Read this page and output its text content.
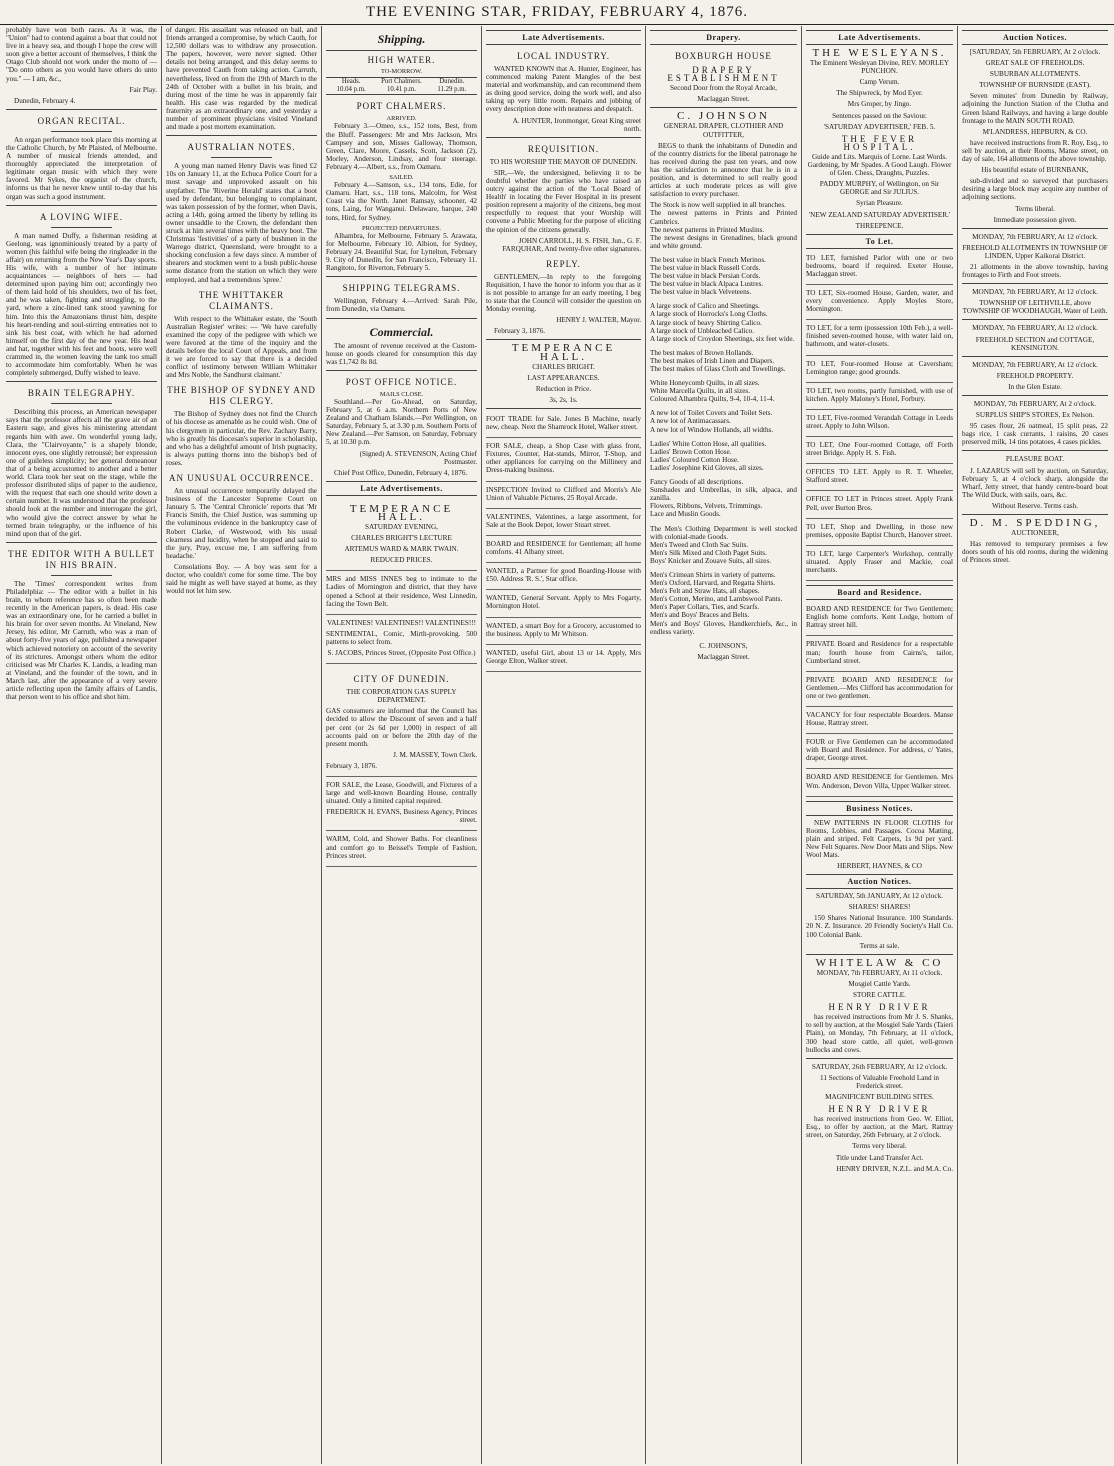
THE EVENING STAR, FRIDAY, FEBRUARY 4, 1876.

probably have won both races. As it was, the "Union" had to contend against a boat that could not live in a heavy sea, and though I hope the crew will soon give a better account of themselves, I think the Otago Club should not work under the motto of — "Do onto others as you would have others do unto you." — I am, &c.,

Fair Play.

Dunedin, February 4.

ORGAN RECITAL.

An organ performance took place this morning at the Catholic Church, by Mr Plaisted, of Melbourne. A number of musical friends attended, and thoroughly appreciated the interpretation of legitimate organ music with which they were favored. Mr Sykes, the organist of the church, informs us that he never knew until to-day that his organ was such a good instrument.

A LOVING WIFE.

A man named Duffy, a fisherman residing at Geelong, was ignominiously treated by a party of women (his faithful wife being the ringleader in the affair) on returning from the New Year's Day sports. His wife, with a number of her intimate acquaintances — neighbors of hers — had determined upon paying him out; accordingly two of them laid hold of his shoulders, two of his feet, and he was taken, fighting and struggling, to the yard, where a zinc-lined tank stood yawning for him. Into this the Amazonians thrust him, despite his heart-rending and soul-stirring entreaties not to sink his best coat, with which he had adorned himself on the first day of the new year. His head and hat, together with his feet and boots, were well crammed in, the women leaving the tank too small to accommodate him comfortably. When he was completely submerged, Duffy wished to leave.

BRAIN TELEGRAPHY.

Describing this process, an American newspaper says that the professor affects all the grave air of an Eastern sage, and gives his ministering attendant regards him with awe. On wonderful young lady, Clara, the "Clairvoyante," is a shapely blonde, innocent eyes, one slightly retroussé; her expression one of guileless simplicity; her general demeanour that of a being accustomed to another and a better world. Clara took her seat on the stage, while the professor distributed slips of paper to the audience, with the request that each one should write down a certain number. It was understood that the professor should look at the number and interrogate the girl, who would give the correct answer by what he termed brain telegraphy, or the influence of his mind upon that of the girl.

THE EDITOR WITH A BULLET IN HIS BRAIN.

The 'Times' correspondent writes from Philadelphia: — The editor with a bullet in his brain, to whom reference has so often been made recently in the American papers, is dead. His case was an extraordinary one, for he carried a bullet in his brain for over seven months. At Vineland, New Jersey, his editor, Mr Carruth, who was a man of about forty-five years of age, published a newspaper which achieved notoriety on account of the severity of its strictures. Amongst others whom the editor criticised was Mr Charles K. Landis, a leading man at Vineland, and the founder of the town, and in March last, after the appearance of a very severe article reflecting upon the family affairs of Landis, that person went to his office and shot him.

of danger. His assailant was released on bail, and friends arranged a compromise, by which Cauth, for 12,500 dollars was to withdraw any prosecution. The papers, however, were never signed. Other details not being arranged, and this delay seems to have prevented Cauth from taking action. Carruth, nevertheless, lived on from the 19th of March to the 24th of October with a bullet in his brain, and during most of the time he was in apparently fair health. His case was regarded by the medical fraternity as an extraordinary one, and yesterday a number of prominent physicians visited Vineland and made a post mortem examination.

AUSTRALIAN NOTES.

A young man named Henry Davis was fined £2 10s on January 11, at the Echuca Police Court for a most savage and unprovoked assault on his stepfather. The 'Riverine Herald' states that a boot used by defendant, but belonging to complainant, was taken possession of by the former, when Davis, acting a 14th, going armed the liberty by telling its owner unsaddle to the Crown, the defendant then struck at him several times with the heavy boot. The Christmas 'festivities' of a party of bushmen in the Warrego district, Queensland, were brought to a shocking conclusion a few days since. A number of shearers and stockmen went to a bush public-house some distance from the station on which they were employed, and had a tremendous 'spree.'

THE WHITTAKER CLAIMANTS.

With respect to the Whittaker estate, the 'South Australian Register' writes: — 'We have carefully examined the copy of the pedigree with which we were favored at the time of the inquiry and the details before the local Court of Appeals, and from it we are forced to say that there is a decided conflict of testimony between William Whittaker and Mrs Noble, the Sandhurst claimant.'

THE BISHOP OF SYDNEY AND HIS CLERGY.

The Bishop of Sydney does not find the Church of his diocese as amenable as he could wish. One of his clergymen in particular, the Rev. Zachary Barry, who is greatly his diocesan's superior in scholarship, and who has a delightful amount of Irish pugnacity, is always putting thorns into the bishop's bed of roses.

AN UNUSUAL OCCURRENCE.

An unusual occurrence temporarily delayed the business of the Lancester Supreme Court on January 5. The 'Central Chronicle' reports that 'Mr Francis Smith, the Chief Justice, was summing up the voluminous evidence in the bankruptcy case of Robert Clarke, of Westwood, with his usual clearness and lucidity, when he stopped and said to the jury, Pray, excuse me, I am suffering from headache.'

Consolations Boy. — A boy was sent for a doctor, who couldn't come for some time. The boy said he might as well have stayed at home, as they would not let him sew.

Shipping.
HIGH WATER.
TO-MORROW.
Heads.	Port Chalmers.	Dunedin.
10.04 p.m.	10.41 p.m.	11.29 p.m.
PORT CHALMERS.
ARRIVED.

February 3.—Omeo, s.s., 152 tons, Best, from the Bluff. Passengers: Mr and Mrs Jackson, Mrs Campsey and son, Misses Galloway, Thomson, Green, Clare, Moore, Cassels, Scott, Jackson (2), Morley, Anderson, Lindsay, and four steerage. February 4.—Albert, s.s., from Oamaru.

SAILED.

February 4.—Samson, s.s., 134 tons, Edie, for Oamaru. Hart, s.s., 118 tons, Malcolm, for West Coast via the North. Janet Ramsay, schooner, 42 tons, Laing, for Wanganui. Delaware, barque, 240 tons, Hird, for Sydney.

PROJECTED DEPARTURES.

Alhambra, for Melbourne, February 5. Arawata, for Melbourne, February 10. Albion, for Sydney, February 24. Beautiful Star, for Lyttelton, February 9. City of Dunedin, for San Francisco, February 11. Rangitoto, for Riverton, February 5.

SHIPPING TELEGRAMS.

Wellington, February 4.—Arrived: Sarah Pile, from Dunedin, via Oamaru.

Commercial.

The amount of revenue received at the Custom-house on goods cleared for consumption this day was £1,742 8s 8d.

POST OFFICE NOTICE.
MAILS CLOSE.

Southland.—Per Go-Ahead, on Saturday, February 5, at 6 a.m. Northern Ports of New Zealand and Chatham Islands.—Per Wellington, on Saturday, February 5, at 3.30 p.m. Southern Ports of New Zealand.—Per Samson, on Saturday, February 5, at 10.30 p.m.

(Signed) A. STEVENSON, Acting Chief Postmaster.

Chief Post Office, Dunedin, February 4, 1876.

Late Advertisements.
TEMPERANCE HALL.

SATURDAY EVENING,

CHARLES BRIGHT'S LECTURE

ARTEMUS WARD & MARK TWAIN.

REDUCED PRICES.

MRS and MISS INNES beg to intimate to the Ladies of Mornington and district, that they have opened a School at their residence, West Linnedin, facing the Town Belt.

VALENTINES! VALENTINES!! VALENTINES!!!

SENTIMENTAL, Comic, Mirth-provoking. 500 patterns to select from.

S. JACOBS, Princes Street, (Opposite Post Office.)

CITY OF DUNEDIN.

THE CORPORATION GAS SUPPLY DEPARTMENT.

GAS consumers are informed that the Council has decided to allow the Discount of seven and a half per cent (or 2s 6d per 1,000) in respect of all accounts paid on or before the 20th day of the present month.

J. M. MASSEY, Town Clerk.

February 3, 1876.

FOR SALE, the Lease, Goodwill, and Fixtures of a large and well-known Boarding House, centrally situated. Only a limited capital required.

FREDERICK H. EVANS, Business Agency, Princes street.

WARM, Cold, and Shower Baths. For cleanliness and comfort go to Beissel's Temple of Fashion, Princes street.

Late Advertisements.
LOCAL INDUSTRY.

WANTED KNOWN that A. Hunter, Engineer, has commenced making Patent Mangles of the best material and workmanship, and can recommend them as doing good service, doing the work well, and also taking up very little room. Repairs and jobbing of every description done with neatness and despatch.

A. HUNTER, Ironmonger, Great King street north.

REQUISITION.

TO HIS WORSHIP THE MAYOR OF DUNEDIN.

SIR,—We, the undersigned, believing it to be doubtful whether the parties who have raised an outcry against the action of the 'Local Board of Health' in locating the Fever Hospital in its present position represent a majority of the citizens, beg most respectfully to request that your Worship will convene a Public Meeting for the purpose of eliciting the opinion of the citizens generally.

JOHN CARROLL, H. S. FISH, Jun., G. F. FARQUHAR, And twenty-five other signatures.

REPLY.

GENTLEMEN,—In reply to the foregoing Requisition, I have the honor to inform you that as it is not possible to arrange for an early meeting, I beg to state that the Council will consider the question on Monday evening.

HENRY J. WALTER, Mayor.

February 3, 1876.

TEMPERANCE HALL.

CHARLES BRIGHT.

LAST APPEARANCES.

Reduction in Price.

3s, 2s, 1s.

FOOT TRADE for Sale. Jones B Machine, nearly new, cheap. Next the Shamrock Hotel, Walker street.

FOR SALE, cheap, a Shop Case with glass front, Fixtures, Counter, Hat-stands, Mirror, T-Shop, and other appliances for carrying on the Millinery and Dress-making business.

INSPECTION Invited to Clifford and Morris's Ale Union of Valuable Pictures, 25 Royal Arcade.

VALENTINES, Valentines, a large assortment, for Sale at the Book Depot, lower Stuart street.

BOARD and RESIDENCE for Gentleman; all home comforts. 41 Albany street.

WANTED, a Partner for good Boarding-House with £50. Address 'R. S.', Star office.

WANTED, General Servant. Apply to Mrs Fogarty, Mornington Hotel.

WANTED, a smart Boy for a Grocery, accustomed to the business. Apply to Mr Whitson.

WANTED, useful Girl, about 13 or 14. Apply, Mrs George Elton, Walker street.

Drapery.
BOXBURGH HOUSE
DRAPERY ESTABLISHMENT

Second Door from the Royal Arcade,

Maclaggan Street.

C. JOHNSON

GENERAL DRAPER, CLOTHIER AND OUTFITTER,

BEGS to thank the inhabitants of Dunedin and of the country districts for the liberal patronage he has received during the past ten years, and now has the satisfaction to announce that he is in a position, and is determined to sell really good articles at such moderate prices as will give satisfaction to every purchaser.

The Stock is now well supplied in all branches.

The newest patterns in Prints and Printed Cambrics.

The newest patterns in Printed Muslins.

The newest designs in Grenadines, black ground and white ground.

The best value in black French Merinos.

The best value in black Russell Cords.

The best value in black Persian Cords.

The best value in black Alpaca Lustres.

The best value in black Velveteens.

A large stock of Calico and Sheetings.

A large stock of Horrocks's Long Cloths.

A large stock of heavy Shirting Calico.

A large stock of Unbleached Calico.

A large stock of Croydon Sheetings, six feet wide.

The best makes of Brown Hollands.

The best makes of Irish Linen and Diapers.

The best makes of Glass Cloth and Towellings.

White Honeycomb Quilts, in all sizes.

White Marcella Quilts, in all sizes.

Coloured Alhambra Quilts, 9-4, 10-4, 11-4.

A new lot of Toilet Covers and Toilet Sets.

A new lot of Antimacassars.

A new lot of Window Hollands, all widths.

Ladies' White Cotton Hose, all qualities.

Ladies' Brown Cotton Hose.

Ladies' Coloured Cotton Hose.

Ladies' Josephine Kid Gloves, all sizes.

Fancy Goods of all descriptions.

Sunshades and Umbrellas, in silk, alpaca, and zanilla.

Flowers, Ribbons, Velvets, Trimmings.

Lace and Muslin Goods.

The Men's Clothing Department is well stocked with colonial-made Goods.

Men's Tweed and Cloth Sac Suits.

Men's Silk Mixed and Cloth Paget Suits.

Boys' Knicker and Zouave Suits, all sizes.

Men's Crimean Shirts in variety of patterns.

Men's Oxford, Harvard, and Regatta Shirts.

Men's Felt and Straw Hats, all shapes.

Men's Cotton, Merino, and Lambswool Pants.

Men's Paper Collars, Ties, and Scarfs.

Men's and Boys' Braces and Belts.

Men's and Boys' Gloves, Handkerchiefs, &c., in endless variety.

C. JOHNSON'S,

Maclaggan Street.

Late Advertisements.
THE WESLEYANS.

The Eminent Wesleyan Divine, REV. MORLEY PUNCHON.

Camp Verum.

The Shipwreck, by Mod Eyer.

Mrs Groper, by Jingo.

Sentences passed on the Saviour.

'SATURDAY ADVERTISER,' FEB. 5.

THE FEVER HOSPITAL.

Guide and Lits. Marquis of Lorne. Last Words. Gardening, by Mr Spades. A Good Laugh. Flower of Glen. Chess, Draughts, Puzzles.

PADDY MURPHY, of Wellington, on Sir GEORGE and Sir JULIUS.

Syrian Pleasure.

'NEW ZEALAND SATURDAY ADVERTISER.'

THREEPENCE.

To Let.

TO LET, furnished Parlor with one or two bedrooms, board if required. Exeter House, Maclaggan street.

TO LET, Six-roomed House, Garden, water, and every convenience. Apply Moyles Store, Mornington.

TO LET, for a term (possession 10th Feb.), a well-finished seven-roomed house, with water laid on, bathroom, and water-closets.

TO LET, Four-roomed House at Caversham; Lemington range; good grounds.

TO LET, two rooms, partly furnished, with use of kitchen. Apply Maloney's Hotel, Forbury.

TO LET, Five-roomed Verandah Cottage in Leeds street. Apply to John Wilson.

TO LET, One Four-roomed Cottage, off Forth street Bridge. Apply H. S. Fish.

OFFICES TO LET. Apply to R. T. Wheeler, Stafford street.

OFFICE TO LET in Princes street. Apply Frank Pell, over Burton Bros.

TO LET, Shop and Dwelling, in those new premises, opposite Baptist Church, Hanover street.

TO LET, large Carpenter's Workshop, centrally situated. Apply Fraser and Mackie, coal merchants.

Board and Residence.

BOARD AND RESIDENCE for Two Gentlemen; English home comforts. Kent Lodge, bottom of Rattray street hill.

PRIVATE Board and Residence for a respectable man; fourth house from Cairns's, tailor, Cumberland street.

PRIVATE BOARD AND RESIDENCE for Gentlemen.—Mrs Clifford has accommodation for one or two gentlemen.

VACANCY for four respectable Boarders. Manse House, Rattray street.

FOUR or Five Gentlemen can be accommodated with Board and Residence. For address, c/ Yates, draper, George street.

BOARD AND RESIDENCE for Gentlemen. Mrs Wm. Anderson, Devon Villa, Upper Walker street.

Business Notices.

NEW PATTERNS IN FLOOR CLOTHS for Rooms, Lobbies, and Passages. Cocoa Matting, plain and striped. Felt Carpets, 1s 9d per yard. New Felt Squares. New Door Mats and Slips. New Wool Mats.

HERBERT, HAYNES, & CO

Auction Notices.

SATURDAY, 5th JANUARY, At 12 o'clock.

SHARES! SHARES!

150 Shares National Insurance. 100 Standards. 20 N. Z. Insurance. 20 Friendly Society's Hall Co. 100 Colonial Bank.

Terms at sale.

WHITELAW & CO

MONDAY, 7th FEBRUARY, At 11 o'clock.

Mosgiel Cattle Yards.

STORE CATTLE.

HENRY DRIVER

has received instructions from Mr J. S. Shanks, to sell by auction, at the Mosgiel Sale Yards (Taieri Plain), on Monday, 7th February, at 11 o'clock, 300 head store cattle, all quiet, well-grown bullocks and cows.

SATURDAY, 26th FEBRUARY, At 12 o'clock.

11 Sections of Valuable Freehold Land in Frederick street.

MAGNIFICENT BUILDING SITES.

HENRY DRIVER

has received instructions from Geo. W. Elliot, Esq., to offer by auction, at the Mart, Rattray street, on Saturday, 26th February, at 2 o'clock.

Terms very liberal.

Title under Land Transfer Act.

HENRY DRIVER, N.Z.L. and M.A. Co.

Auction Notices.

[SATURDAY, 5th FEBRUARY, At 2 o'clock.

GREAT SALE OF FREEHOLDS.

SUBURBAN ALLOTMENTS.

TOWNSHIP OF BURNSIDE (EAST).

Seven minutes' from Dunedin by Railway, adjoining the Junction Station of the Clutha and Green Island Railways, and having a large double frontage to the MAIN SOUTH ROAD.

M'LANDRESS, HEPBURN, & CO.

have received instructions from R. Roy, Esq., to sell by auction, at their Rooms, Manse street, on day of sale, 164 allotments of the above township.

His beautiful estate of BURNBANK,

sub-divided and so surveyed that purchasers desiring a large block may acquire any number of adjoining sections.

Terms liberal.

Immediate possession given.

MONDAY, 7th FEBRUARY, At 12 o'clock.

FREEHOLD ALLOTMENTS IN TOWNSHIP OF LINDEN, Upper Kaikorai District.

21 allotments in the above township, having frontages to Firth and Foot streets.

MONDAY, 7th FEBRUARY, At 12 o'clock.

TOWNSHIP OF LEITHVILLE, above TOWNSHIP OF WOODHAUGH, Water of Leith.

MONDAY, 7th FEBRUARY, At 12 o'clock.

FREEHOLD SECTION and COTTAGE, KENSINGTON.

MONDAY, 7th FEBRUARY, At 12 o'clock.

FREEHOLD PROPERTY.

In the Glen Estate.

MONDAY, 7th FEBRUARY, At 2 o'clock.

SURPLUS SHIP'S STORES, Ex Nelson.

95 cases flour, 26 oatmeal, 15 split peas, 22 bags rice, 1 cask currants, 1 raisins, 20 cases preserved milk, 14 tins potatoes, 4 cases pickles.

PLEASURE BOAT.

J. LAZARUS will sell by auction, on Saturday, February 5, at 4 o'clock sharp, alongside the Wharf, Jetty street, that handy centre-board boat The Wild Duck, with sails, oars, &c.

Without Reserve. Terms cash.

D. M. SPEDDING,

AUCTIONEER,

Has removed to temporary premises a few doors south of his old rooms, during the widening of Princes street.
